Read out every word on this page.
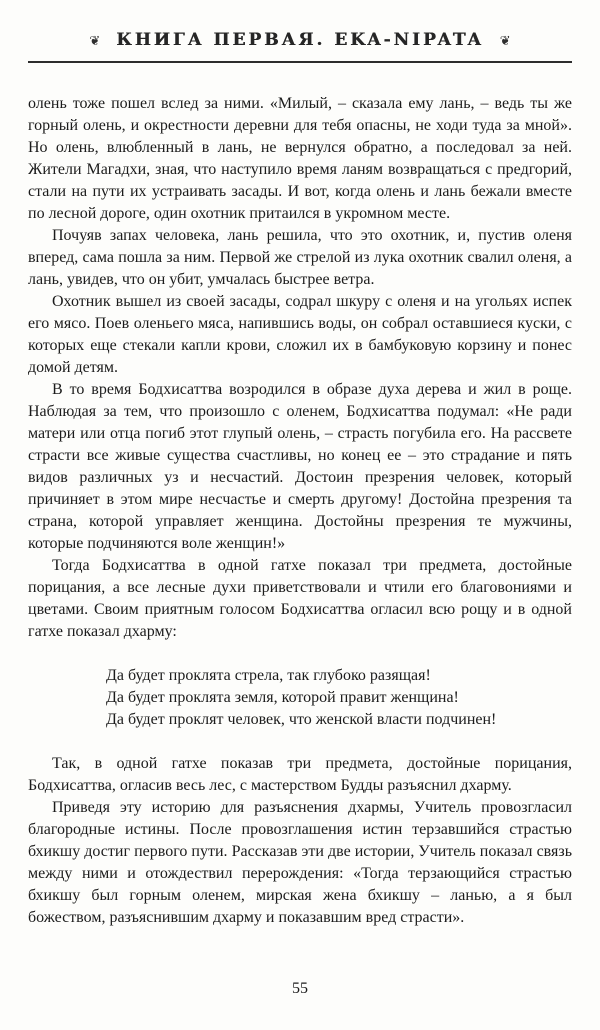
❦ КНИГА ПЕРВАЯ. EKA-NIPATA ❦

олень тоже пошел вслед за ними. «Милый, – сказала ему лань, – ведь ты же горный олень, и окрестности деревни для тебя опасны, не ходи туда за мной». Но олень, влюбленный в лань, не вернулся обратно, а последовал за ней. Жители Магадхи, зная, что наступило время ланям возвращаться с предгорий, стали на пути их устраивать засады. И вот, когда олень и лань бежали вместе по лесной дороге, один охотник притаился в укромном месте.

Почуяв запах человека, лань решила, что это охотник, и, пустив оленя вперед, сама пошла за ним. Первой же стрелой из лука охотник свалил оленя, а лань, увидев, что он убит, умчалась быстрее ветра.

Охотник вышел из своей засады, содрал шкуру с оленя и на угольях испек его мясо. Поев оленьего мяса, напившись воды, он собрал оставшиеся куски, с которых еще стекали капли крови, сложил их в бамбуковую корзину и понес домой детям.

В то время Бодхисаттва возродился в образе духа дерева и жил в роще. Наблюдая за тем, что произошло с оленем, Бодхисаттва подумал: «Не ради матери или отца погиб этот глупый олень, – страсть погубила его. На рассвете страсти все живые существа счастливы, но конец ее – это страдание и пять видов различных уз и несчастий. Достоин презрения человек, который причиняет в этом мире несчастье и смерть другому! Достойна презрения та страна, которой управляет женщина. Достойны презрения те мужчины, которые подчиняются воле женщин!»

Тогда Бодхисаттва в одной гатхе показал три предмета, достойные порицания, а все лесные духи приветствовали и чтили его благовониями и цветами. Своим приятным голосом Бодхисаттва огласил всю рощу и в одной гатхе показал дхарму:

Да будет проклята стрела, так глубоко разящая!

Да будет проклята земля, которой правит женщина!

Да будет проклят человек, что женской власти подчинен!

Так, в одной гатхе показав три предмета, достойные порицания, Бодхисаттва, огласив весь лес, с мастерством Будды разъяснил дхарму.

Приведя эту историю для разъяснения дхармы, Учитель провозгласил благородные истины. После провозглашения истин терзавшийся страстью бхикшу достиг первого пути. Рассказав эти две истории, Учитель показал связь между ними и отождествил перерождения: «Тогда терзающийся страстью бхикшу был горным оленем, мирская жена бхикшу – ланью, а я был божеством, разъяснившим дхарму и показавшим вред страсти».

55
